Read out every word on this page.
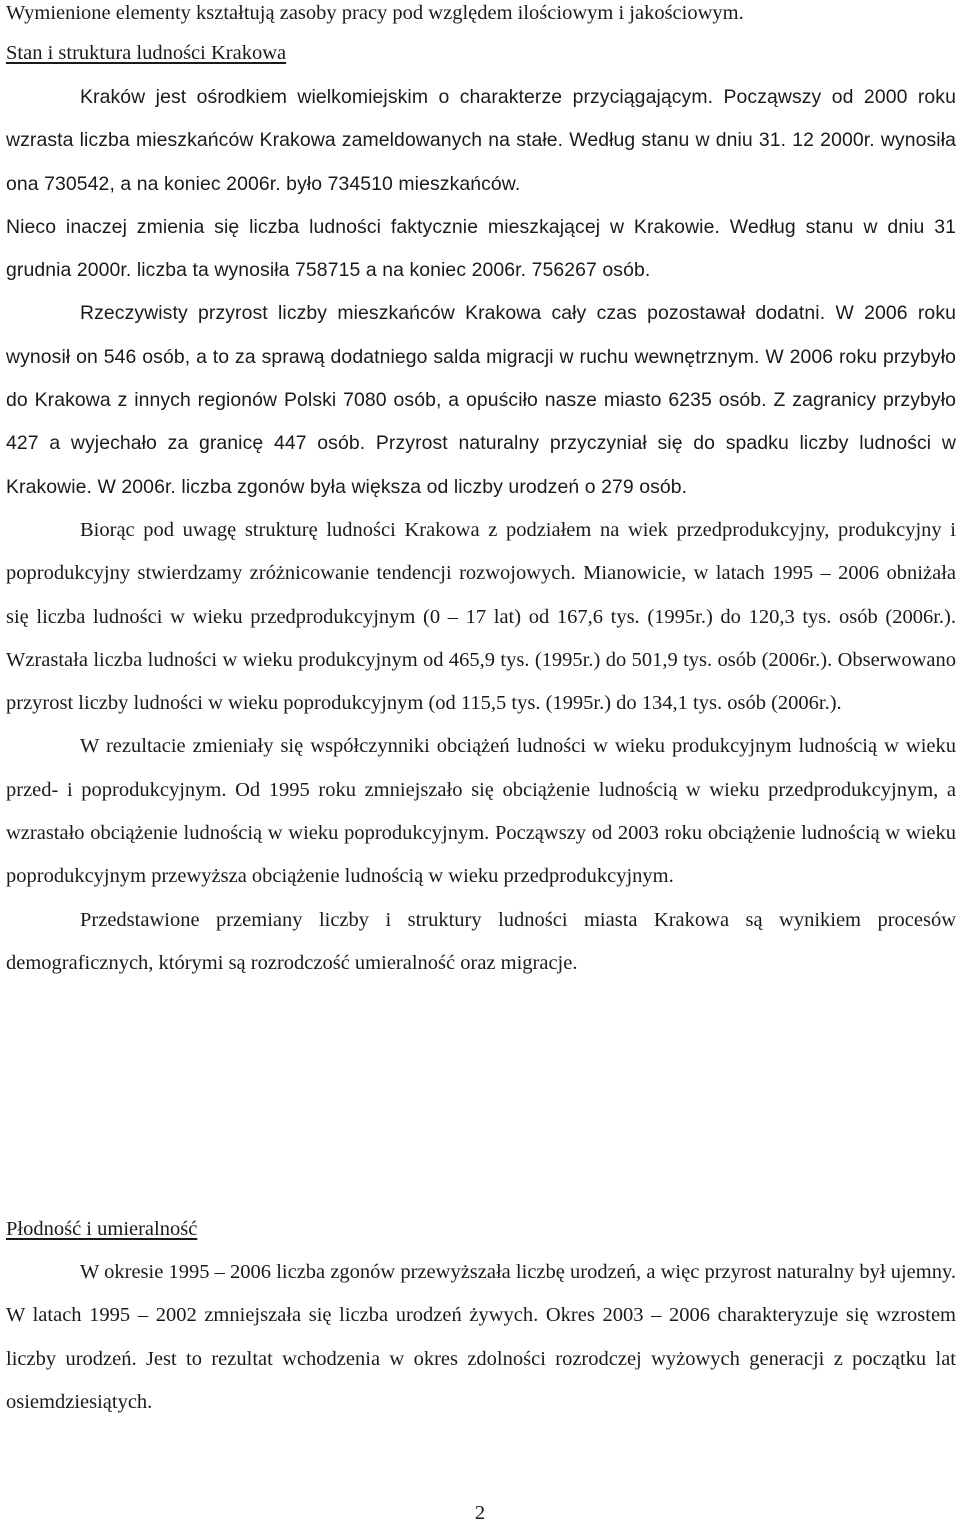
Wymienione elementy kształtują zasoby pracy pod względem ilościowym i jakościowym.
Stan i struktura ludności Krakowa

Kraków jest ośrodkiem wielkomiejskim o charakterze przyciągającym. Począwszy od 2000 roku wzrasta liczba mieszkańców Krakowa zameldowanych na stałe. Według stanu w dniu 31. 12 2000r. wynosiła ona 730542, a na koniec 2006r. było 734510 mieszkańców.

Nieco inaczej zmienia się liczba ludności faktycznie mieszkającej w Krakowie. Według stanu w dniu 31 grudnia 2000r. liczba ta wynosiła 758715 a na koniec 2006r. 756267 osób.

Rzeczywisty przyrost liczby mieszkańców Krakowa cały czas pozostawał dodatni. W 2006 roku wynosił on 546 osób, a to za sprawą dodatniego salda migracji w ruchu wewnętrznym. W 2006 roku przybyło do Krakowa z innych regionów Polski 7080 osób, a opuściło nasze miasto 6235 osób. Z zagranicy przybyło 427 a wyjechało za granicę 447 osób. Przyrost naturalny przyczyniał się do spadku liczby ludności w Krakowie. W 2006r. liczba zgonów była większa od liczby urodzeń o 279 osób.

Biorąc pod uwagę strukturę ludności Krakowa z podziałem na wiek przedprodukcyjny, produkcyjny i poprodukcyjny stwierdzamy zróżnicowanie tendencji rozwojowych. Mianowicie, w latach 1995 – 2006 obniżała się liczba ludności w wieku przedprodukcyjnym (0 – 17 lat) od 167,6 tys. (1995r.) do 120,3 tys. osób (2006r.). Wzrastała liczba ludności w wieku produkcyjnym od 465,9 tys. (1995r.) do 501,9 tys. osób (2006r.). Obserwowano przyrost liczby ludności w wieku poprodukcyjnym (od 115,5 tys. (1995r.) do 134,1 tys. osób (2006r.).

W rezultacie zmieniały się współczynniki obciążeń ludności w wieku produkcyjnym ludnością w wieku przed- i poprodukcyjnym. Od 1995 roku zmniejszało się obciążenie ludnością w wieku przedprodukcyjnym, a wzrastało obciążenie ludnością w wieku poprodukcyjnym. Począwszy od 2003 roku obciążenie ludnością w wieku poprodukcyjnym przewyższa obciążenie ludnością w wieku przedprodukcyjnym.

Przedstawione przemiany liczby i struktury ludności miasta Krakowa są wynikiem procesów demograficznych, którymi są rozrodczość umieralność oraz migracje.

Płodność i umieralność

W okresie 1995 – 2006 liczba zgonów przewyższała liczbę urodzeń, a więc przyrost naturalny był ujemny. W latach 1995 – 2002 zmniejszała się liczba urodzeń żywych. Okres 2003 – 2006 charakteryzuje się wzrostem liczby urodzeń. Jest to rezultat wchodzenia w okres zdolności rozrodczej wyżowych generacji z początku lat osiemdziesiątych.

2
